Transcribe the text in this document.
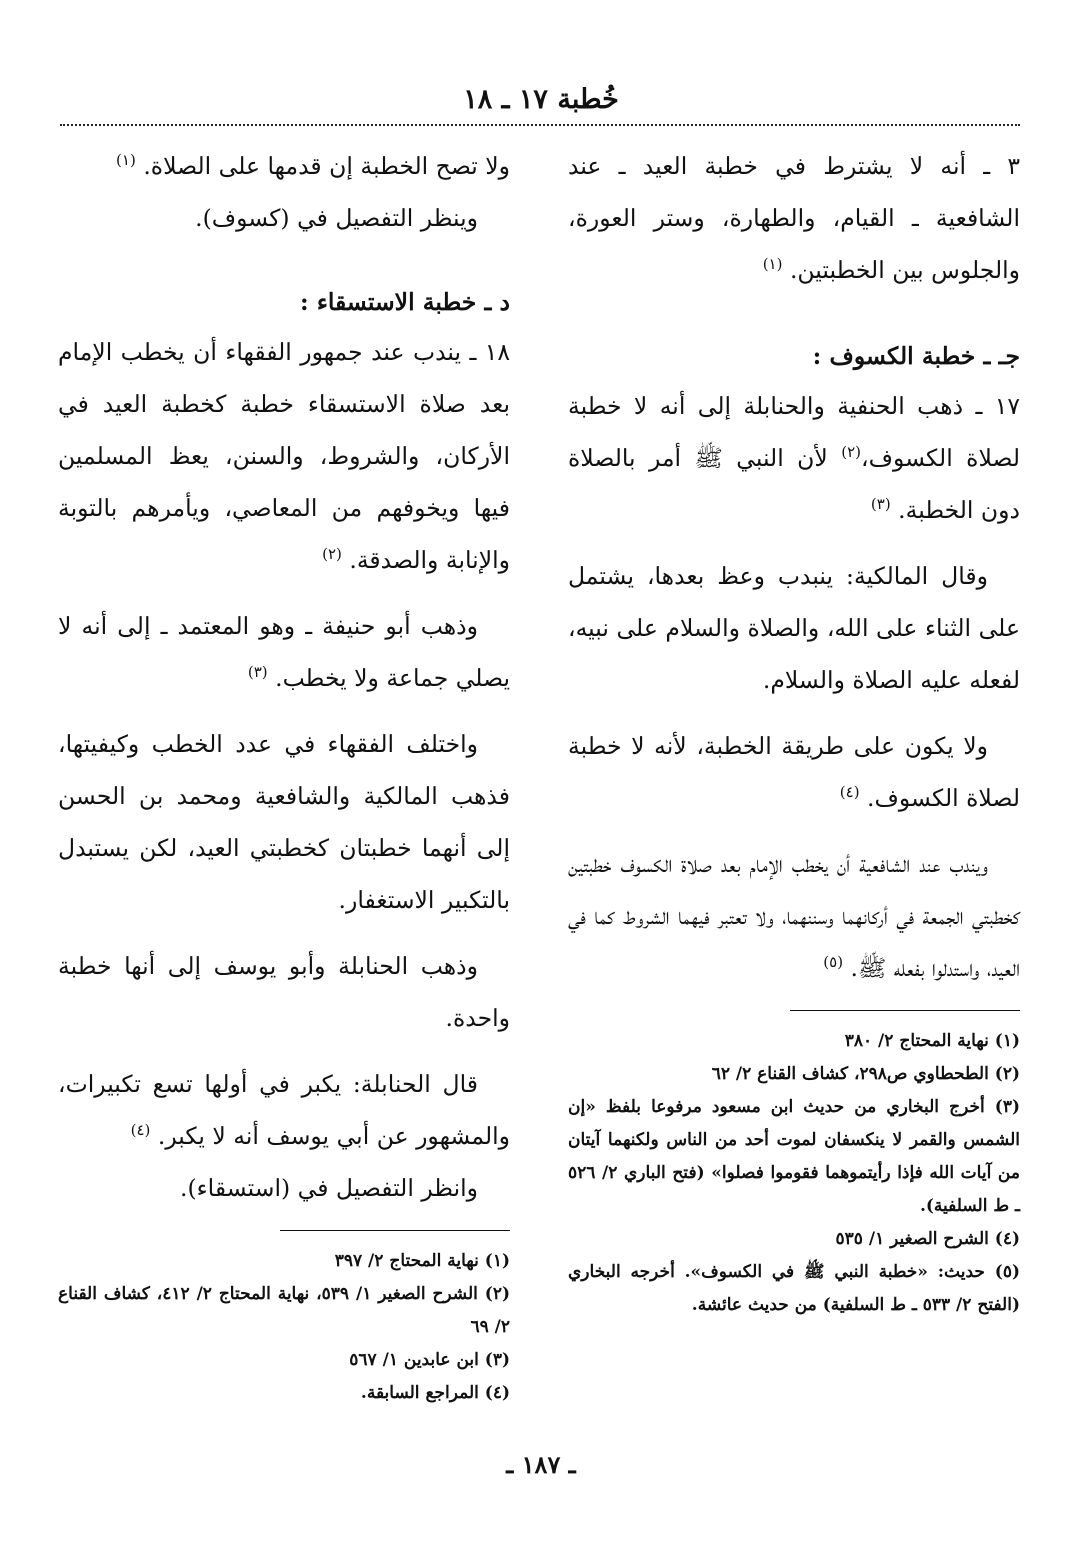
خُطبة ١٧ ـ ١٨
٣ ـ أنه لا يشترط في خطبة العيد ـ عند الشافعية ـ القيام، والطهارة، وستر العورة، والجلوس بين الخطبتين. $^{(١)}$
جـ ـ خطبة الكسوف :
١٧ ـ ذهب الحنفية والحنابلة إلى أنه لا خطبة لصلاة الكسوف،$^{(٢)}$ لأن النبي ﷺ أمر بالصلاة دون الخطبة. $^{(٣)}$
وقال المالكية: ينبدب وعظ بعدها، يشتمل على الثناء على الله، والصلاة والسلام على نبيه، لفعله عليه الصلاة والسلام.
ولا يكون على طريقة الخطبة، لأنه لا خطبة لصلاة الكسوف. $^{(٤)}$
ويندب عند الشافعية أن يخطب الإمام بعد صلاة الكسوف خطبتين كخطبتي الجمعة في أركانهما وسننهما، ولا تعتبر فيهما الشروط كما في العيد، واستدلوا بفعله ﷺ. $^{(٥)}$
(١) نهاية المحتاج ٢/ ٣٨٠
(٢) الطحطاوي ص٢٩٨، كشاف القناع ٢/ ٦٢
(٣) أخرج البخاري من حديث ابن مسعود مرفوعا بلفظ «إن الشمس والقمر لا ينكسفان لموت أحد من الناس ولكنهما آيتان من آيات الله فإذا رأيتموهما فقوموا فصلوا» (فتح الباري ٢/ ٥٢٦ ـ ط السلفية).
(٤) الشرح الصغير ١/ ٥٣٥
(٥) حديث: «خطبة النبي ﷺ في الكسوف». أخرجه البخاري (الفتح ٢/ ٥٣٣ ـ ط السلفية) من حديث عائشة.
ولا تصح الخطبة إن قدمها على الصلاة. $^{(١)}$
وينظر التفصيل في (كسوف).
د ـ خطبة الاستسقاء :
١٨ ـ يندب عند جمهور الفقهاء أن يخطب الإمام بعد صلاة الاستسقاء خطبة كخطبة العيد في الأركان، والشروط، والسنن، يعظ المسلمين فيها ويخوفهم من المعاصي، ويأمرهم بالتوبة والإنابة والصدقة. $^{(٢)}$
وذهب أبو حنيفة ـ وهو المعتمد ـ إلى أنه لا يصلي جماعة ولا يخطب. $^{(٣)}$
واختلف الفقهاء في عدد الخطب وكيفيتها، فذهب المالكية والشافعية ومحمد بن الحسن إلى أنهما خطبتان كخطبتي العيد، لكن يستبدل بالتكبير الاستغفار.
وذهب الحنابلة وأبو يوسف إلى أنها خطبة واحدة.
قال الحنابلة: يكبر في أولها تسع تكبيرات، والمشهور عن أبي يوسف أنه لا يكبر. $^{(٤)}$
وانظر التفصيل في (استسقاء).
(١) نهاية المحتاج ٢/ ٣٩٧
(٢) الشرح الصغير ١/ ٥٣٩، نهاية المحتاج ٢/ ٤١٢، كشاف القناع ٢/ ٦٩
(٣) ابن عابدين ١/ ٥٦٧
(٤) المراجع السابقة.
ـ ١٨٧ ـ
